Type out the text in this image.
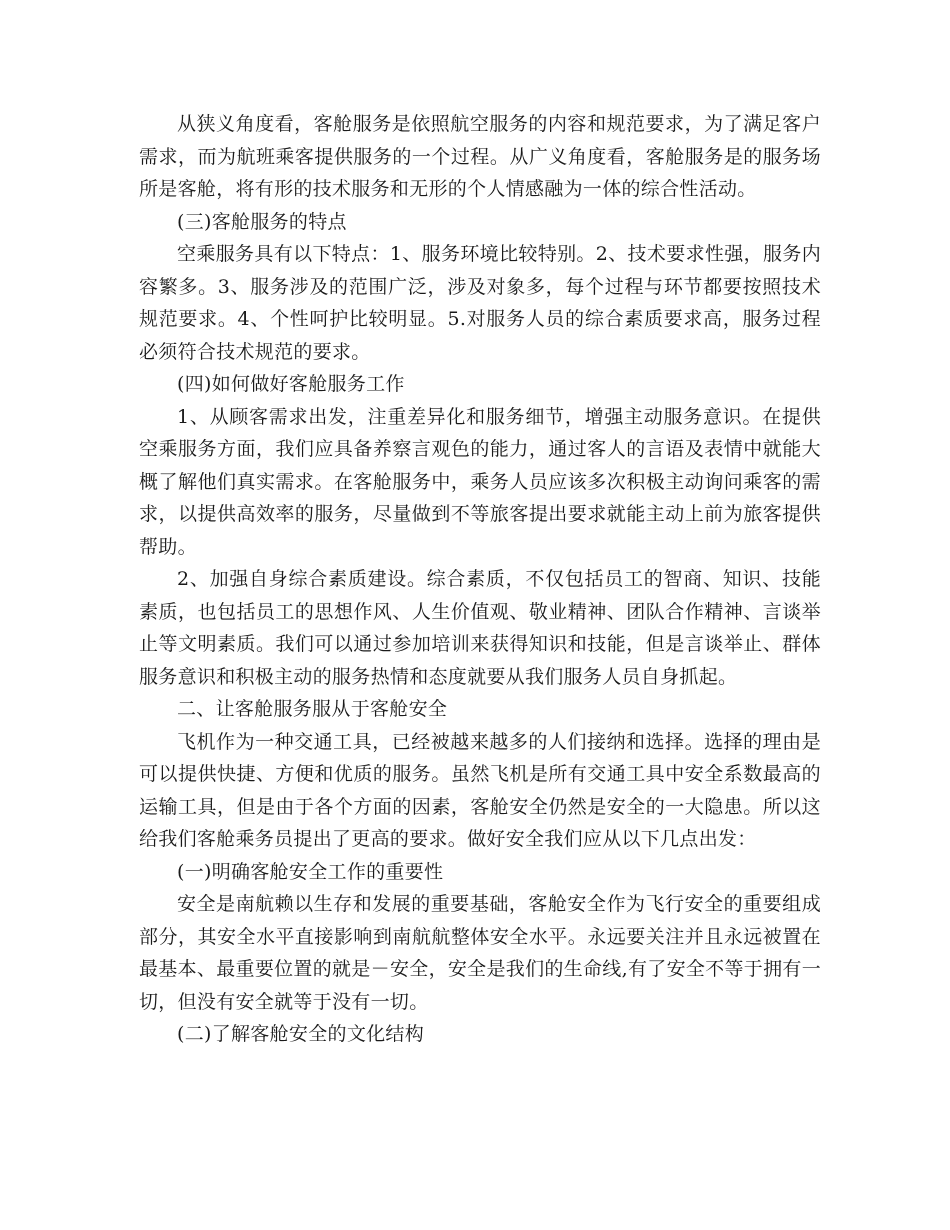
从狭义角度看，客舱服务是依照航空服务的内容和规范要求，为了满足客户需求，而为航班乘客提供服务的一个过程。从广义角度看，客舱服务是的服务场所是客舱，将有形的技术服务和无形的个人情感融为一体的综合性活动。

(三)客舱服务的特点

空乘服务具有以下特点：1、服务环境比较特别。2、技术要求性强，服务内容繁多。3、服务涉及的范围广泛，涉及对象多，每个过程与环节都要按照技术规范要求。4、个性呵护比较明显。5.对服务人员的综合素质要求高，服务过程必须符合技术规范的要求。

(四)如何做好客舱服务工作

1、从顾客需求出发，注重差异化和服务细节，增强主动服务意识。在提供空乘服务方面，我们应具备养察言观色的能力，通过客人的言语及表情中就能大概了解他们真实需求。在客舱服务中，乘务人员应该多次积极主动询问乘客的需求，以提供高效率的服务，尽量做到不等旅客提出要求就能主动上前为旅客提供帮助。

2、加强自身综合素质建设。综合素质，不仅包括员工的智商、知识、技能素质，也包括员工的思想作风、人生价值观、敬业精神、团队合作精神、言谈举止等文明素质。我们可以通过参加培训来获得知识和技能，但是言谈举止、群体服务意识和积极主动的服务热情和态度就要从我们服务人员自身抓起。

二、让客舱服务服从于客舱安全

飞机作为一种交通工具，已经被越来越多的人们接纳和选择。选择的理由是可以提供快捷、方便和优质的服务。虽然飞机是所有交通工具中安全系数最高的运输工具，但是由于各个方面的因素，客舱安全仍然是安全的一大隐患。所以这给我们客舱乘务员提出了更高的要求。做好安全我们应从以下几点出发：

(一)明确客舱安全工作的重要性

安全是南航赖以生存和发展的重要基础，客舱安全作为飞行安全的重要组成部分，其安全水平直接影响到南航航整体安全水平。永远要关注并且永远被置在最基本、最重要位置的就是－安全，安全是我们的生命线,有了安全不等于拥有一切，但没有安全就等于没有一切。

(二)了解客舱安全的文化结构
